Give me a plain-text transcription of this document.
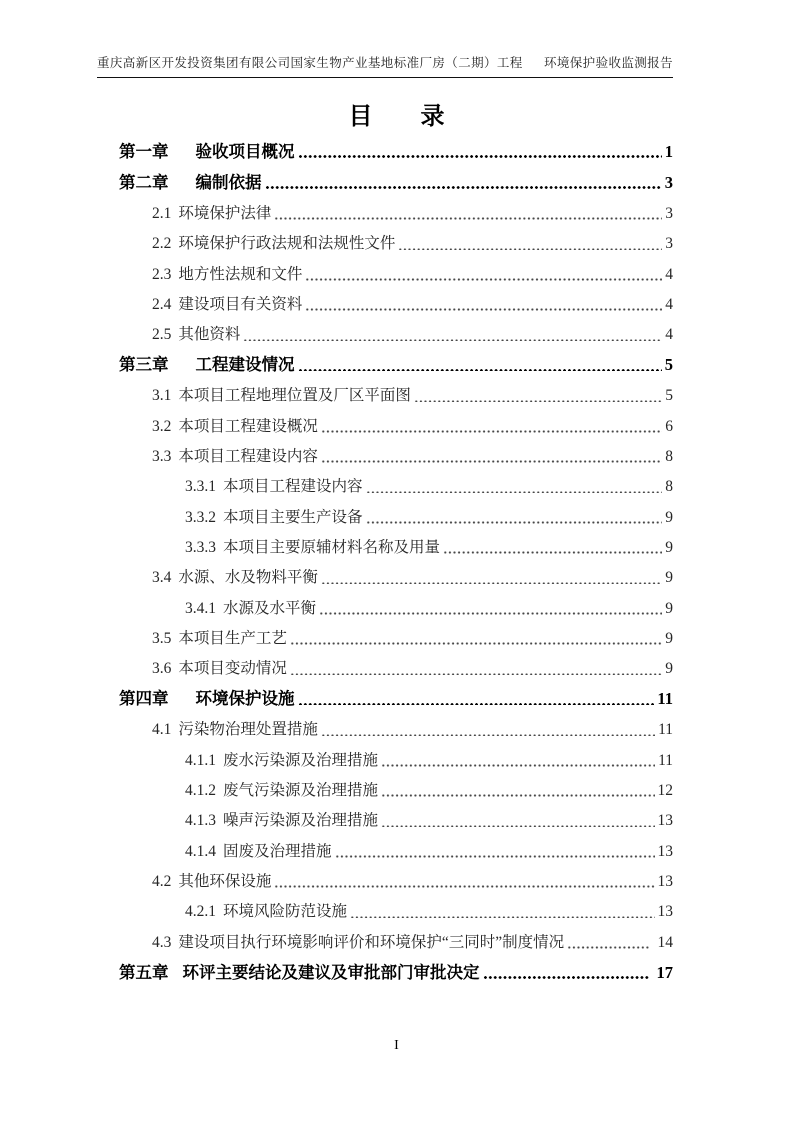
重庆高新区开发投资集团有限公司国家生物产业基地标准厂房（二期）工程 环境保护验收监测报告
目　　录
第一章 验收项目概况	1
第二章 编制依据	3
2.1 环境保护法律	3
2.2 环境保护行政法规和法规性文件	3
2.3 地方性法规和文件	4
2.4 建设项目有关资料	4
2.5 其他资料	4
第三章 工程建设情况	5
3.1 本项目工程地理位置及厂区平面图	5
3.2 本项目工程建设概况	6
3.3 本项目工程建设内容	8
3.3.1 本项目工程建设内容	8
3.3.2 本项目主要生产设备	9
3.3.3 本项目主要原辅材料名称及用量	9
3.4 水源、水及物料平衡	9
3.4.1 水源及水平衡	9
3.5 本项目生产工艺	9
3.6 本项目变动情况	9
第四章 环境保护设施	11
4.1 污染物治理处置措施	11
4.1.1 废水污染源及治理措施	11
4.1.2 废气污染源及治理措施	12
4.1.3 噪声污染源及治理措施	13
4.1.4 固废及治理措施	13
4.2 其他环保设施	13
4.2.1 环境风险防范设施	13
4.3 建设项目执行环境影响评价和环境保护“三同时”制度情况	14
第五章 环评主要结论及建议及审批部门审批决定	17
I
